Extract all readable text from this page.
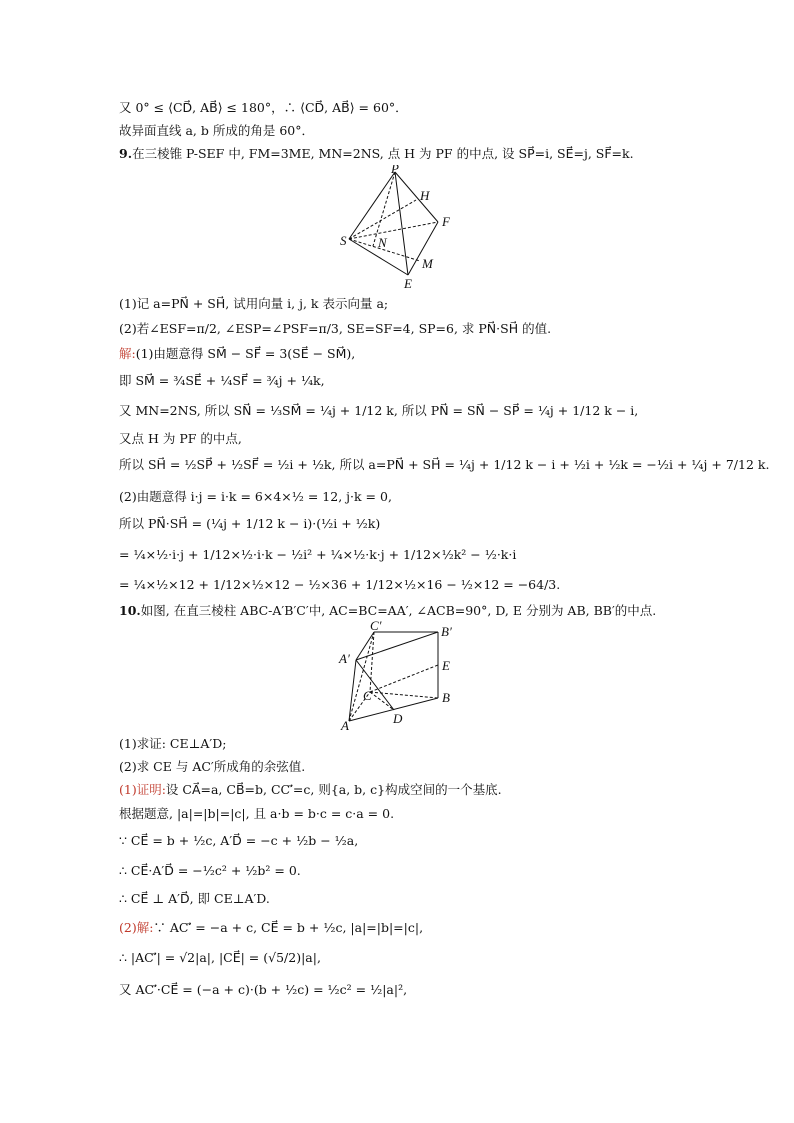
又 0° ≤ ⟨CD⃗, AB⃗⟩ ≤ 180°，∴ ⟨CD⃗, AB⃗⟩ = 60°．
故异面直线 a, b 所成的角是 60°．
9.在三棱锥 P-SEF 中, FM=3ME, MN=2NS, 点 H 为 PF 的中点, 设 SP⃗=i, SE⃗=j, SF⃗=k.
P
H
F
S N
M
E
(1)记 a=PN⃗ + SH⃗, 试用向量 i, j, k 表示向量 a;
(2)若∠ESF=π/2, ∠ESP=∠PSF=π/3, SE=SF=4, SP=6, 求 PN⃗·SH⃗ 的值.
解:(1)由题意得 SM⃗ − SF⃗ = 3(SE⃗ − SM⃗),
即 SM⃗ = ¾SE⃗ + ¼SF⃗ = ¾j + ¼k,
又 MN=2NS, 所以 SN⃗ = ⅓SM⃗ = ¼j + 1/12 k, 所以 PN⃗ = SN⃗ − SP⃗ = ¼j + 1/12 k − i,
又点 H 为 PF 的中点,
所以 SH⃗ = ½SP⃗ + ½SF⃗ = ½i + ½k, 所以 a=PN⃗ + SH⃗ = ¼j + 1/12 k − i + ½i + ½k = −½i + ¼j + 7/12 k.
(2)由题意得 i·j = i·k = 6×4×½ = 12, j·k = 0,
所以 PN⃗·SH⃗ = (¼j + 1/12 k − i)·(½i + ½k)
= ¼×½·i·j + 1/12×½·i·k − ½i² + ¼×½·k·j + 1/12×½k² − ½·k·i
= ¼×½×12 + 1/12×½×12 − ½×36 + 1/12×½×16 − ½×12 = −64/3.
10.如图, 在直三棱柱 ABC-A′B′C′中, AC=BC=AA′, ∠ACB=90°, D, E 分别为 AB, BB′的中点.
C′	B′
A′	E
C	B
A	D
(1)求证: CE⊥A′D;
(2)求 CE 与 AC′所成角的余弦值.
(1)证明:设 CA⃗=a, CB⃗=b, CC′⃗=c, 则{a, b, c}构成空间的一个基底.
根据题意, |a|=|b|=|c|, 且 a·b = b·c = c·a = 0.
∵ CE⃗ = b + ½c, A′D⃗ = −c + ½b − ½a,
∴ CE⃗·A′D⃗ = −½c² + ½b² = 0.
∴ CE⃗ ⊥ A′D⃗, 即 CE⊥A′D.
(2)解:∵ AC′⃗ = −a + c, CE⃗ = b + ½c, |a|=|b|=|c|,
∴ |AC′⃗| = √2|a|, |CE⃗| = (√5/2)|a|,
又 AC′⃗·CE⃗ = (−a + c)·(b + ½c) = ½c² = ½|a|²,
